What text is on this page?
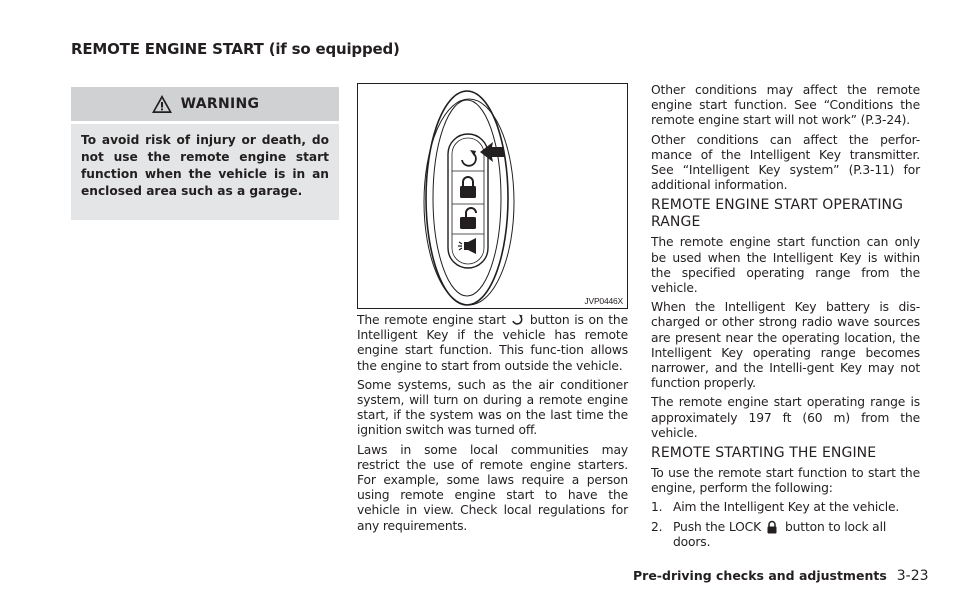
REMOTE ENGINE START (if so equipped)
WARNING
To avoid risk of injury or death, do not use the remote engine start function when the vehicle is in an enclosed area such as a garage.
JVP0446X

The remote engine start button is on the Intelligent Key if the vehicle has remote engine start function. This func-tion allows the engine to start from outside the vehicle.

Some systems, such as the air conditioner system, will turn on during a remote engine start, if the system was on the last time the ignition switch was turned off.

Laws in some local communities may restrict the use of remote engine starters. For example, some laws require a person using remote engine start to have the vehicle in view. Check local regulations for any requirements.

Other conditions may affect the remote engine start function. See “Conditions the remote engine start will not work” (P.3-24).

Other conditions can affect the perfor-mance of the Intelligent Key transmitter. See “Intelligent Key system” (P.3-11) for additional information.

REMOTE ENGINE START OPERATING RANGE

The remote engine start function can only be used when the Intelligent Key is within the specified operating range from the vehicle.

When the Intelligent Key battery is dis-charged or other strong radio wave sources are present near the operating location, the Intelligent Key operating range becomes narrower, and the Intelli-gent Key may not function properly.

The remote engine start operating range is approximately 197 ft (60 m) from the vehicle.

REMOTE STARTING THE ENGINE

To use the remote start function to start the engine, perform the following:

1. Aim the Intelligent Key at the vehicle.
2. Push the LOCK button to lock all doors.
Pre-driving checks and adjustments 3-23
